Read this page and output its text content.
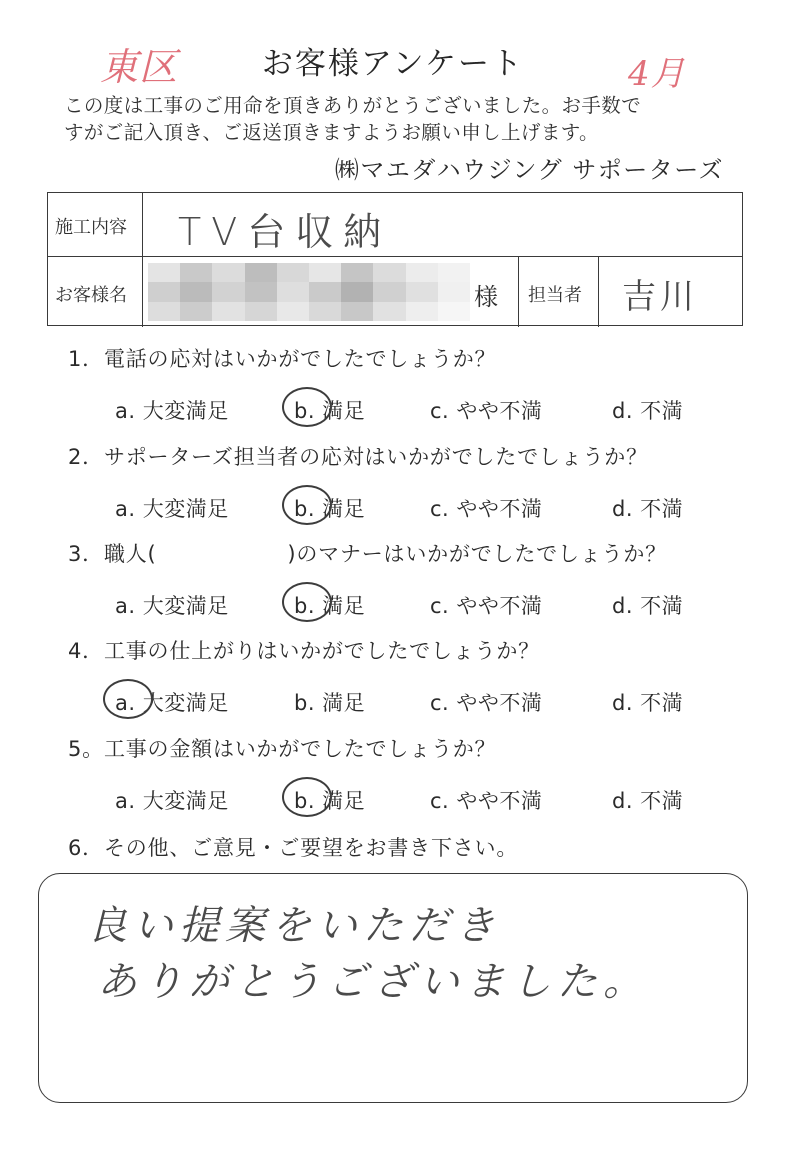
東区	4月
お客様アンケート
この度は工事のご用命を頂きありがとうございました。お手数で
すがご記入頂き、ご返送頂きますようお願い申し上げます。
㈱マエダハウジング サポーターズ
施工内容 TV台収納
お客様名	様 担当者 吉川
1．電話の応対はいかがでしたでしょうか？
a. 大変満足	b. 満足	c. やや不満	d. 不満
2．サポーターズ担当者の応対はいかがでしたでしょうか？
a. 大変満足	b. 満足	c. やや不満	d. 不満
3．職人(　　　　　　)のマナーはいかがでしたでしょうか？
a. 大変満足	b. 満足	c. やや不満	d. 不満
4．工事の仕上がりはいかがでしたでしょうか？
a. 大変満足	b. 満足	c. やや不満	d. 不満
5。工事の金額はいかがでしたでしょうか？
a. 大変満足	b. 満足	c. やや不満	d. 不満
6．その他、ご意見・ご要望をお書き下さい。
良い提案をいただき
ありがとうございました。
